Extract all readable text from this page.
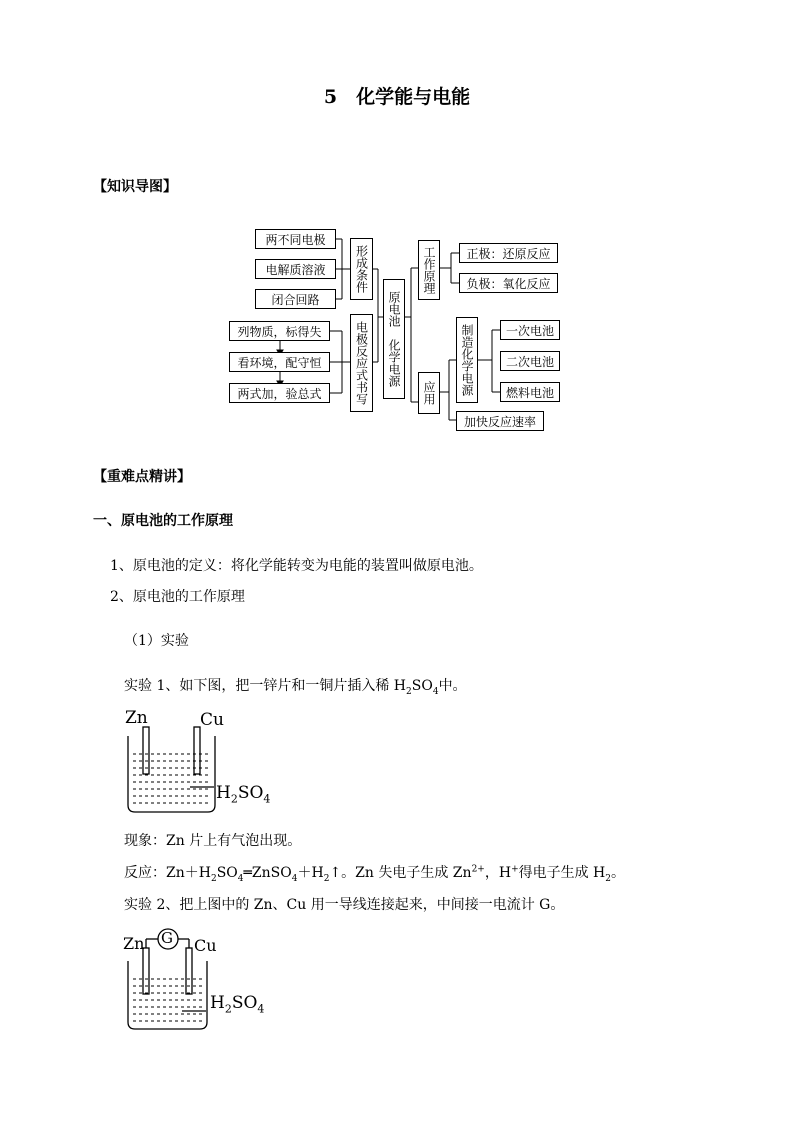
5　化学能与电能
【知识导图】
两不同电极
电解质溶液
闭合回路
列物质，标得失
看环境，配守恒
两式加，验总式
形成条件
电极反应式书写 原电池　化学电源
工作原理	正极：还原反应
负极：氧化反应
应用 制造化学电源	一次电池
二次电池
燃料电池
加快反应速率
【重难点精讲】
一、原电池的工作原理
1、原电池的定义：将化学能转变为电能的装置叫做原电池。
2、原电池的工作原理
（1）实验
实验 1、如下图，把一锌片和一铜片插入稀 $H_2SO_4$中。
Zn	Cu
$H_2SO_4$
现象：Zn 片上有气泡出现。
反应：$Zn+H_2SO_4═ZnSO_4+H_2↑$。Zn 失电子生成 $Zn^{2+}$，H+得电子生成 $H_2$。
实验 2、把上图中的 Zn、Cu 用一导线连接起来，中间接一电流计 G。
Zn G Cu
$H_2SO_4$
